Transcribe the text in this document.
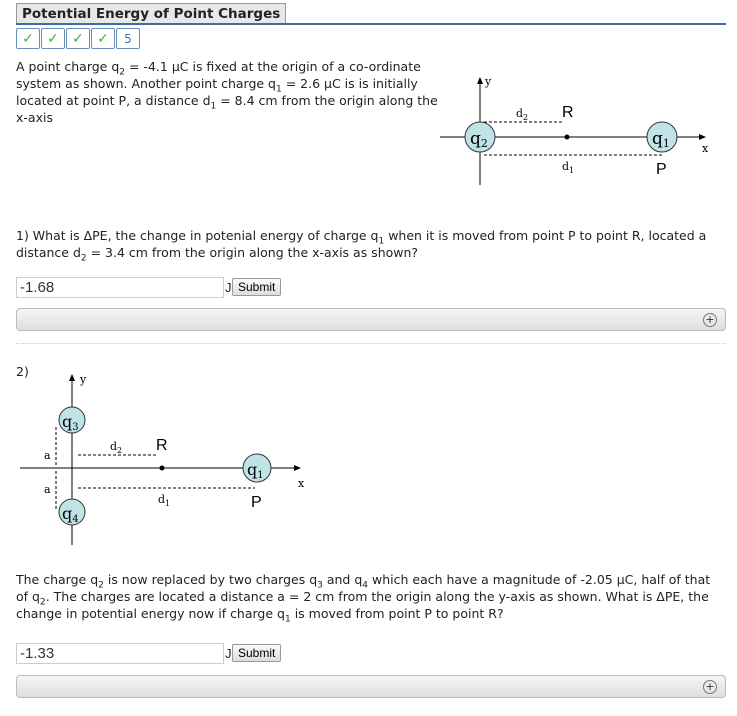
Potential Energy of Point Charges
✓ ✓ ✓ ✓	5

A point charge $q_2 = -4.1$ μC is fixed at the origin of a co-ordinate system as shown. Another point charge $q_1 = 2.6$ μC is is initially located at point P, a distance $d_1 = 8.4$ cm from the origin along the x-axis

q2	q1
y
x
$d_2$ R
$d_1$	P

1) What is ΔPE, the change in potenial energy of charge $q_1$ when it is moved from point P to point R, located a distance $d_2 = 3.4$ cm from the origin along the x-axis as shown?

-1.68	J Submit
+
2)
q3
q4
q1
y
x
a
a
$d_2$ R
$d_1$	P

The charge $q_2$ is now replaced by two charges $q_3$ and $q_4$ which each have a magnitude of -2.05 μC, half of that of $q_2$. The charges are located a distance a = 2 cm from the origin along the y-axis as shown. What is ΔPE, the change in potential energy now if charge $q_1$ is moved from point P to point R?

-1.33	J Submit
+
